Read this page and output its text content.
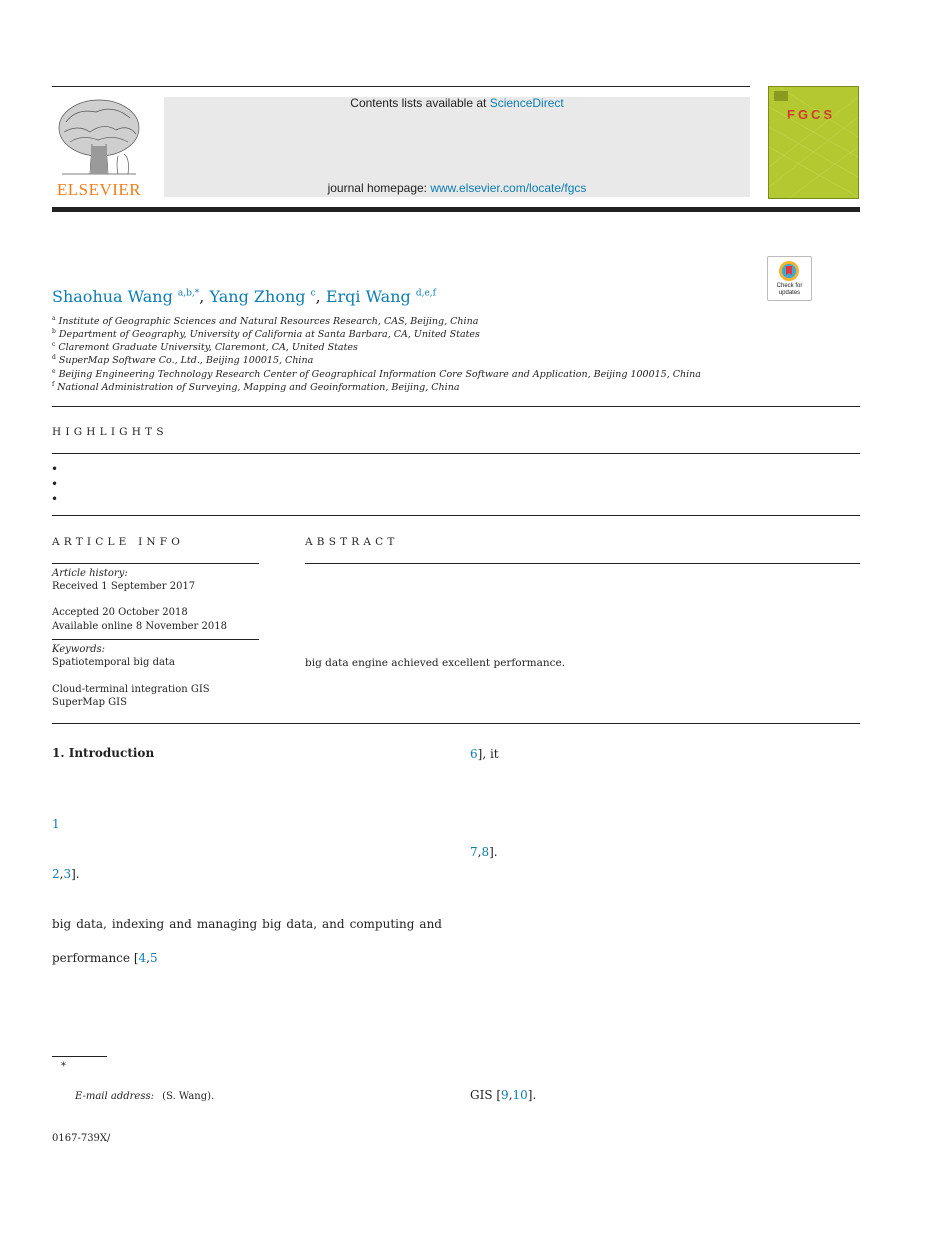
ELSEVIER
Contents lists available at ScienceDirect
journal homepage: www.elsevier.com/locate/fgcs
FGCS
Check for updates
Shaohua Wang $^{a,b,*}$, Yang Zhong $^c$, Erqi Wang $^{d,e,f}$
$^a$ Institute of Geographic Sciences and Natural Resources Research, CAS, Beijing, China
$^b$ Department of Geography, University of California at Santa Barbara, CA, United States
$^c$ Claremont Graduate University, Claremont, CA, United States
$^d$ SuperMap Software Co., Ltd., Beijing 100015, China
$^e$ Beijing Engineering Technology Research Center of Geographical Information Core Software and Application, Beijing 100015, China
$^f$ National Administration of Surveying, Mapping and Geoinformation, Beijing, China
HIGHLIGHTS
•
•
•
ARTICLE INFO
Article history:
Received 1 September 2017
Accepted 20 October 2018
Available online 8 November 2018
Keywords:
Spatiotemporal big data
Cloud-terminal integration GIS
SuperMap GIS
ABSTRACT
big data engine achieved excellent performance.
1. Introduction
1
2,3].
big data, indexing and managing big data, and computing and
performance [4,5
6], it
7,8].
GIS [9,10].
*
E-mail address: (S. Wang).
0167-739X/
